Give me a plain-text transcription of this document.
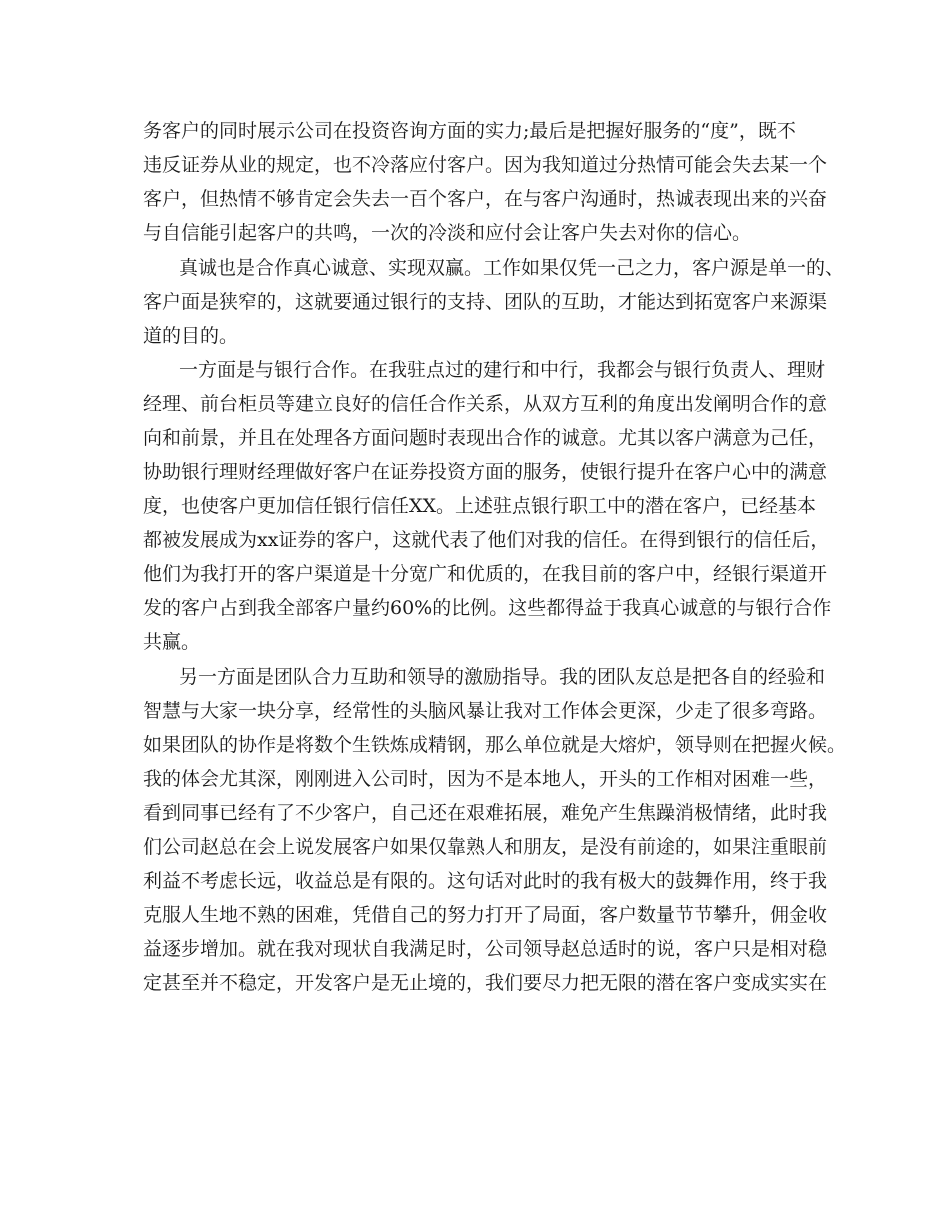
务客户的同时展示公司在投资咨询方面的实力;最后是把握好服务的“度”，既不
违反证券从业的规定，也不冷落应付客户。因为我知道过分热情可能会失去某一个
客户，但热情不够肯定会失去一百个客户，在与客户沟通时，热诚表现出来的兴奋
与自信能引起客户的共鸣，一次的冷淡和应付会让客户失去对你的信心。
真诚也是合作真心诚意、实现双赢。工作如果仅凭一己之力，客户源是单一的、
客户面是狭窄的，这就要通过银行的支持、团队的互助，才能达到拓宽客户来源渠
道的目的。
一方面是与银行合作。在我驻点过的建行和中行，我都会与银行负责人、理财
经理、前台柜员等建立良好的信任合作关系，从双方互利的角度出发阐明合作的意
向和前景，并且在处理各方面问题时表现出合作的诚意。尤其以客户满意为己任，
协助银行理财经理做好客户在证券投资方面的服务，使银行提升在客户心中的满意
度，也使客户更加信任银行信任XX。上述驻点银行职工中的潜在客户，已经基本
都被发展成为xx证券的客户，这就代表了他们对我的信任。在得到银行的信任后，
他们为我打开的客户渠道是十分宽广和优质的，在我目前的客户中，经银行渠道开
发的客户占到我全部客户量约60%的比例。这些都得益于我真心诚意的与银行合作
共赢。
另一方面是团队合力互助和领导的激励指导。我的团队友总是把各自的经验和
智慧与大家一块分享，经常性的头脑风暴让我对工作体会更深，少走了很多弯路。
如果团队的协作是将数个生铁炼成精钢，那么单位就是大熔炉，领导则在把握火候。
我的体会尤其深，刚刚进入公司时，因为不是本地人，开头的工作相对困难一些，
看到同事已经有了不少客户，自己还在艰难拓展，难免产生焦躁消极情绪，此时我
们公司赵总在会上说发展客户如果仅靠熟人和朋友，是没有前途的，如果注重眼前
利益不考虑长远，收益总是有限的。这句话对此时的我有极大的鼓舞作用，终于我
克服人生地不熟的困难，凭借自己的努力打开了局面，客户数量节节攀升，佣金收
益逐步增加。就在我对现状自我满足时，公司领导赵总适时的说，客户只是相对稳
定甚至并不稳定，开发客户是无止境的，我们要尽力把无限的潜在客户变成实实在
